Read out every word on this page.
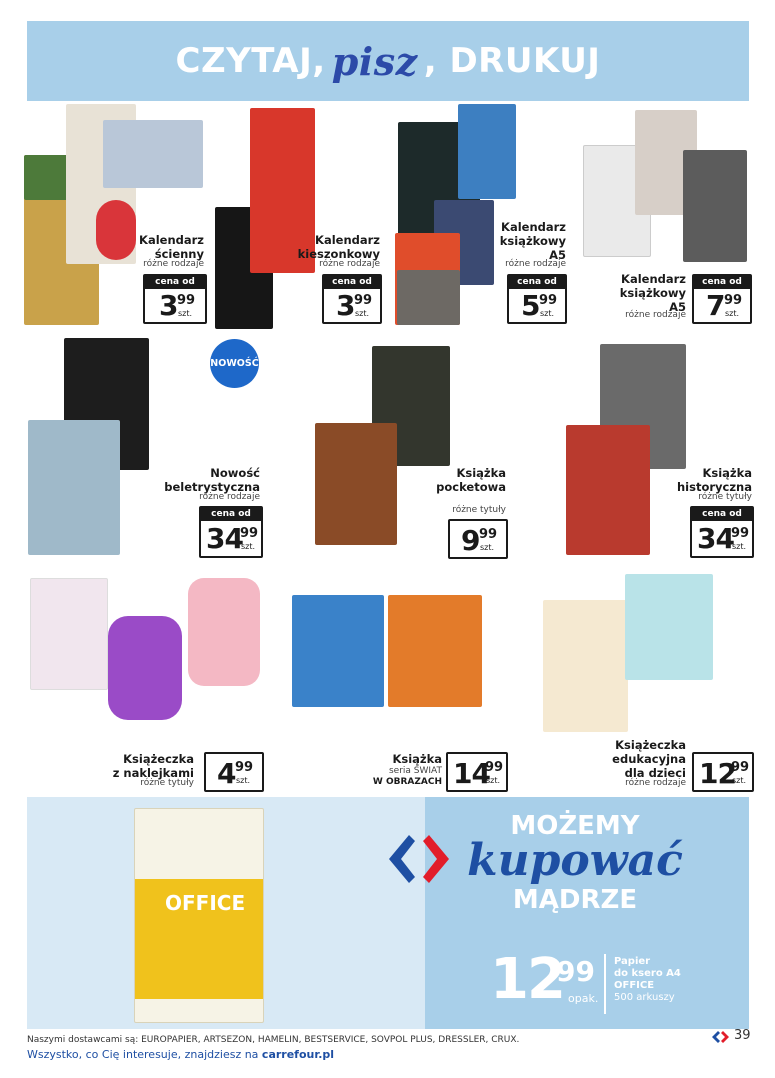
CZYTAJ, pisz , DRUKUJ
Kalendarz
ścienny
różne rodzaje
cena od
3 99
szt.
Kalendarz
kieszonkowy
różne rodzaje
cena od
3 99
szt.
Kalendarz
książkowy
A5
różne rodzaje
cena od
5 99
szt.
Kalendarz
książkowy
A5
różne rodzaje
cena od
7 99
szt.
NOWOŚĆ
Nowość
beletrystyczna
różne rodzaje
cena od
34
99
szt.
Książka
pocketowa
różne tytuły
9 99
szt.
Książka
historyczna
różne tytuły
cena od
34
99
szt.
Książeczka
z naklejkami
różne tytuły 4 99
szt.
Książka
seria ŚWIAT
W OBRAZACH 14
99
szt.
Książeczka
edukacyjna
dla dzieci
różne rodzaje 12
99
szt.
OFFICE
MOŻEMY
kupować
MĄDRZE
12
99
opak.
Papier
do ksero A4
OFFICE
500 arkuszy
Naszymi dostawcami są: EUROPAPIER, ARTSEZON, HAMELIN, BESTSERVICE, SOVPOL PLUS, DRESSLER, CRUX.
Wszystko, co Cię interesuje, znajdziesz na carrefour.pl
39
